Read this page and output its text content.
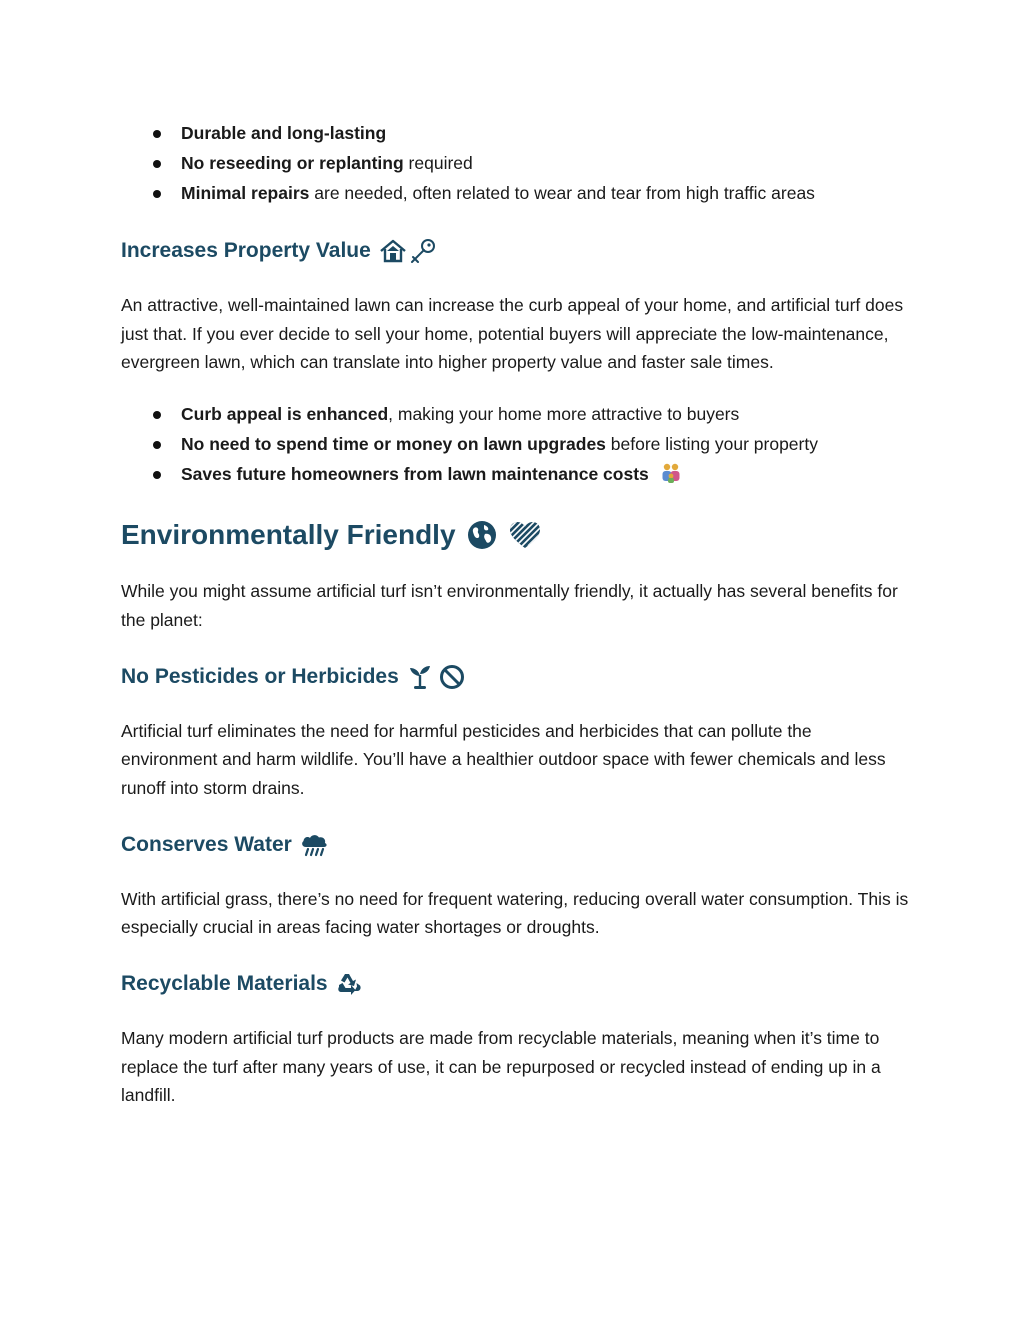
Durable and long-lasting
No reseeding or replanting required
Minimal repairs are needed, often related to wear and tear from high traffic areas
Increases Property Value

An attractive, well-maintained lawn can increase the curb appeal of your home, and artificial turf does just that. If you ever decide to sell your home, potential buyers will appreciate the low-maintenance, evergreen lawn, which can translate into higher property value and faster sale times.

Curb appeal is enhanced, making your home more attractive to buyers
No need to spend time or money on lawn upgrades before listing your property
Saves future homeowners from lawn maintenance costs
Environmentally Friendly

While you might assume artificial turf isn’t environmentally friendly, it actually has several benefits for the planet:

No Pesticides or Herbicides

Artificial turf eliminates the need for harmful pesticides and herbicides that can pollute the environment and harm wildlife. You’ll have a healthier outdoor space with fewer chemicals and less runoff into storm drains.

Conserves Water

With artificial grass, there’s no need for frequent watering, reducing overall water consumption. This is especially crucial in areas facing water shortages or droughts.

Recyclable Materials

Many modern artificial turf products are made from recyclable materials, meaning when it’s time to replace the turf after many years of use, it can be repurposed or recycled instead of ending up in a landfill.
